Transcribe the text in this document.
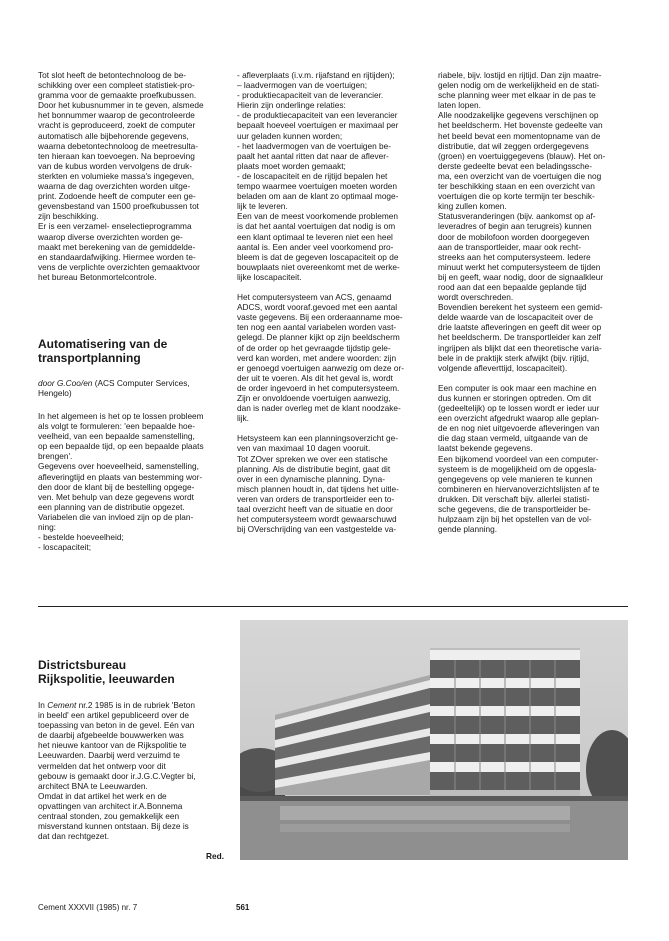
Tot slot heeft de betontechnoloog de be-
schikking over een compleet statistiek-pro-
gramma voor de gemaakte proefkubussen.
Door het kubusnummer in te geven, alsmede
het bonnummer waarop de gecontroleerde
vracht is geproduceerd, zoekt de computer
automatisch alle bijbehorende gegevens,
waarna debetontechnoloog de meetresulta-
ten hieraan kan toevoegen. Na beproeving
van de kubus worden vervolgens de druk-
sterkten en volumieke massa's ingegeven,
waarna de dag overzichten worden uitge-
print. Zodoende heeft de computer een ge-
gevensbestand van 1500 proefkubussen tot
zijn beschikking.
Er is een verzamel- enselectieprogramma
waarop diverse overzichten worden ge-
maakt met berekening van de gemiddelde-
en standaardafwijking. Hiermee worden te-
vens de verplichte overzichten gemaaktvoor
het bureau Betonmortelcontrole.
Automatisering van de
transportplanning
door G.Coo/en (ACS Computer Services,
Hengelo)
In het algemeen is het op te lossen probleem
als volgt te formuleren: 'een bepaalde hoe-
veelheid, van een bepaalde samenstelling,
op een bepaalde tijd, op een bepaalde plaats
brengen'.
Gegevens over hoeveelheid, samenstelling,
afleveringtijd en plaats van bestemming wor-
den door de klant bij de bestelling opgege-
ven. Met behulp van deze gegevens wordt
een planning van de distributie opgezet.
Variabelen die van invloed zijn op de plan-
ning:
- bestelde hoeveelheid;
- loscapaciteit;
- afleverplaats (i.v.m. rijafstand en rijtijden);
– laadvermogen van de voertuigen;
- produktiecapaciteit van de leverancier.
Hierin zijn onderlinge relaties:
- de produktiecapaciteit van een leverancier
bepaalt hoeveel voertuigen er maximaal per
uur geladen kunnen worden;
- het laadvermogen van de voertuigen be-
paalt het aantal ritten dat naar de aflever-
plaats moet worden gemaakt;
- de loscapaciteit en de rijtijd bepalen het
tempo waarmee voertuigen moeten worden
beladen om aan de klant zo optimaal moge-
lijk te leveren.
Een van de meest voorkomende problemen
is dat het aantal voertuigen dat nodig is om
een klant optimaal te leveren niet een heel
aantal is. Een ander veel voorkomend pro-
bleem is dat de gegeven loscapaciteit op de
bouwplaats niet overeenkomt met de werke-
lijke loscapaciteit.

Het computersysteem van ACS, genaamd
ADCS, wordt vooraf.gevoed met een aantal
vaste gegevens. Bij een orderaanname moe-
ten nog een aantal variabelen worden vast-
gelegd. De planner kijkt op zijn beeldscherm
of de order op het gevraagde tijdstip gele-
verd kan worden, met andere woorden: zijn
er genoegd voertuigen aanwezig om deze or-
der uit te voeren. Als dit het geval is, wordt
de order ingevoerd in het computersysteem.
Zijn er onvoldoende voertuigen aanwezig,
dan is nader overleg met de klant noodzake-
lijk.

Hetsysteem kan een planningsoverzicht ge-
ven van maximaal 10 dagen vooruit.
Tot ZOver spreken we over een statische
planning. Als de distributie begint, gaat dit
over in een dynamische planning. Dyna-
misch plannen houdt in, dat tijdens het uitle-
veren van orders de transportleider een to-
taal overzicht heeft van de situatie en door
het computersysteem wordt gewaarschuwd
bij OVerschrijding van een vastgestelde va-
riabele, bijv. lostijd en rijtijd. Dan zijn maatre-
gelen nodig om de werkelijkheid en de stati-
sche planning weer met elkaar in de pas te
laten lopen.
Alle noodzakelijke gegevens verschijnen op
het beeldscherm. Het bovenste gedeelte van
het beeld bevat een momentopname van de
distributie, dat wil zeggen ordergegevens
(groen) en voertuiggegevens (blauw). Het on-
derste gedeelte bevat een beladingssche-
ma, een overzicht van de voertuigen die nog
ter beschikking staan en een overzicht van
voertuigen die op korte termijn ter beschik-
king zullen komen.
Statusveranderingen (bijv. aankomst op af-
leveradres of begin aan terugreis) kunnen
door de mobilofoon worden doorgegeven
aan de transportleider, maar ook recht-
streeks aan het computersysteem. Iedere
minuut werkt het computersysteem de tijden
bij en geeft, waar nodig, door de signaalkleur
rood aan dat een bepaalde geplande tijd
wordt overschreden.
Bovendien berekent het systeem een gemid-
delde waarde van de loscapaciteit over de
drie laatste afleveringen en geeft dit weer op
het beeldscherm. De transportleider kan zelf
ingrijpen als blijkt dat een theoretische varia-
bele in de praktijk sterk afwijkt (bijv. rijtijd,
volgende afleverttijd, loscapaciteit).

Een computer is ook maar een machine en
dus kunnen er storingen optreden. Om dit
(gedeeltelijk) op te lossen wordt er ieder uur
een overzicht afgedrukt waarop alle geplan-
de en nog niet uitgevoerde afleveringen van
die dag staan vermeld, uitgaande van de
laatst bekende gegevens.
Een bijkomend voordeel van een computer-
systeem is de mogelijkheid om de opgesla-
gengegevens op vele manieren te kunnen
combineren en hiervanoverzichtslijsten af te
drukken. Dit verschaft bijv. allerlei statisti-
sche gegevens, die de transportleider be-
hulpzaam zijn bij het opstellen van de vol-
gende planning.
Districtsbureau
Rijkspolitie, leeuwarden
In Cement nr.2 1985 is in de rubriek 'Beton
in beeld' een artikel gepubliceerd over de
toepassing van beton in de gevel. Eén van
de daarbij afgebeelde bouwwerken was
het nieuwe kantoor van de Rijkspolitie te
Leeuwarden. Daarbij werd verzuimd te
vermelden dat het ontwerp voor dit
gebouw is gemaakt door ir.J.G.C.Vegter bi,
architect BNA te Leeuwarden.
Omdat in dat artikel het werk en de
opvattingen van architect ir.A.Bonnema
centraal stonden, zou gemakkelijk een
misverstand kunnen ontstaan. Bij deze is
dat dan rechtgezet.
Red.
Cement XXXVII (1985) nr. 7	561
